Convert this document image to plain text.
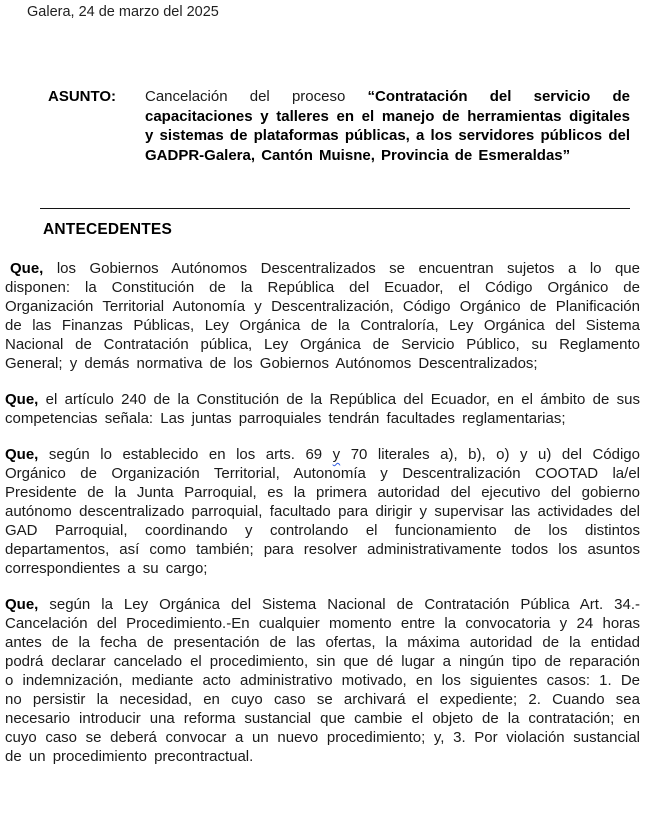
Galera, 24 de marzo del 2025
ASUNTO:	Cancelación del proceso “Contratación del servicio de capacitaciones y talleres en el manejo de herramientas digitales y sistemas de plataformas públicas, a los servidores públicos del GADPR-Galera, Cantón Muisne, Provincia de Esmeraldas”
ANTECEDENTES

Que, los Gobiernos Autónomos Descentralizados se encuentran sujetos a lo que disponen: la Constitución de la República del Ecuador, el Código Orgánico de Organización Territorial Autonomía y Descentralización, Código Orgánico de Planificación de las Finanzas Públicas, Ley Orgánica de la Contraloría, Ley Orgánica del Sistema Nacional de Contratación pública, Ley Orgánica de Servicio Público, su Reglamento General; y demás normativa de los Gobiernos Autónomos Descentralizados;

Que, el artículo 240 de la Constitución de la República del Ecuador, en el ámbito de sus competencias señala: Las juntas parroquiales tendrán facultades reglamentarias;

Que, según lo establecido en los arts. 69 y 70 literales a), b), o) y u) del Código Orgánico de Organización Territorial, Autonomía y Descentralización COOTAD la/el Presidente de la Junta Parroquial, es la primera autoridad del ejecutivo del gobierno autónomo descentralizado parroquial, facultado para dirigir y supervisar las actividades del GAD Parroquial, coordinando y controlando el funcionamiento de los distintos departamentos, así como también; para resolver administrativamente todos los asuntos correspondientes a su cargo;

Que, según la Ley Orgánica del Sistema Nacional de Contratación Pública Art. 34.- Cancelación del Procedimiento.-En cualquier momento entre la convocatoria y 24 horas antes de la fecha de presentación de las ofertas, la máxima autoridad de la entidad podrá declarar cancelado el procedimiento, sin que dé lugar a ningún tipo de reparación o indemnización, mediante acto administrativo motivado, en los siguientes casos: 1. De no persistir la necesidad, en cuyo caso se archivará el expediente; 2. Cuando sea necesario introducir una reforma sustancial que cambie el objeto de la contratación; en cuyo caso se deberá convocar a un nuevo procedimiento; y, 3. Por violación sustancial de un procedimiento precontractual.
